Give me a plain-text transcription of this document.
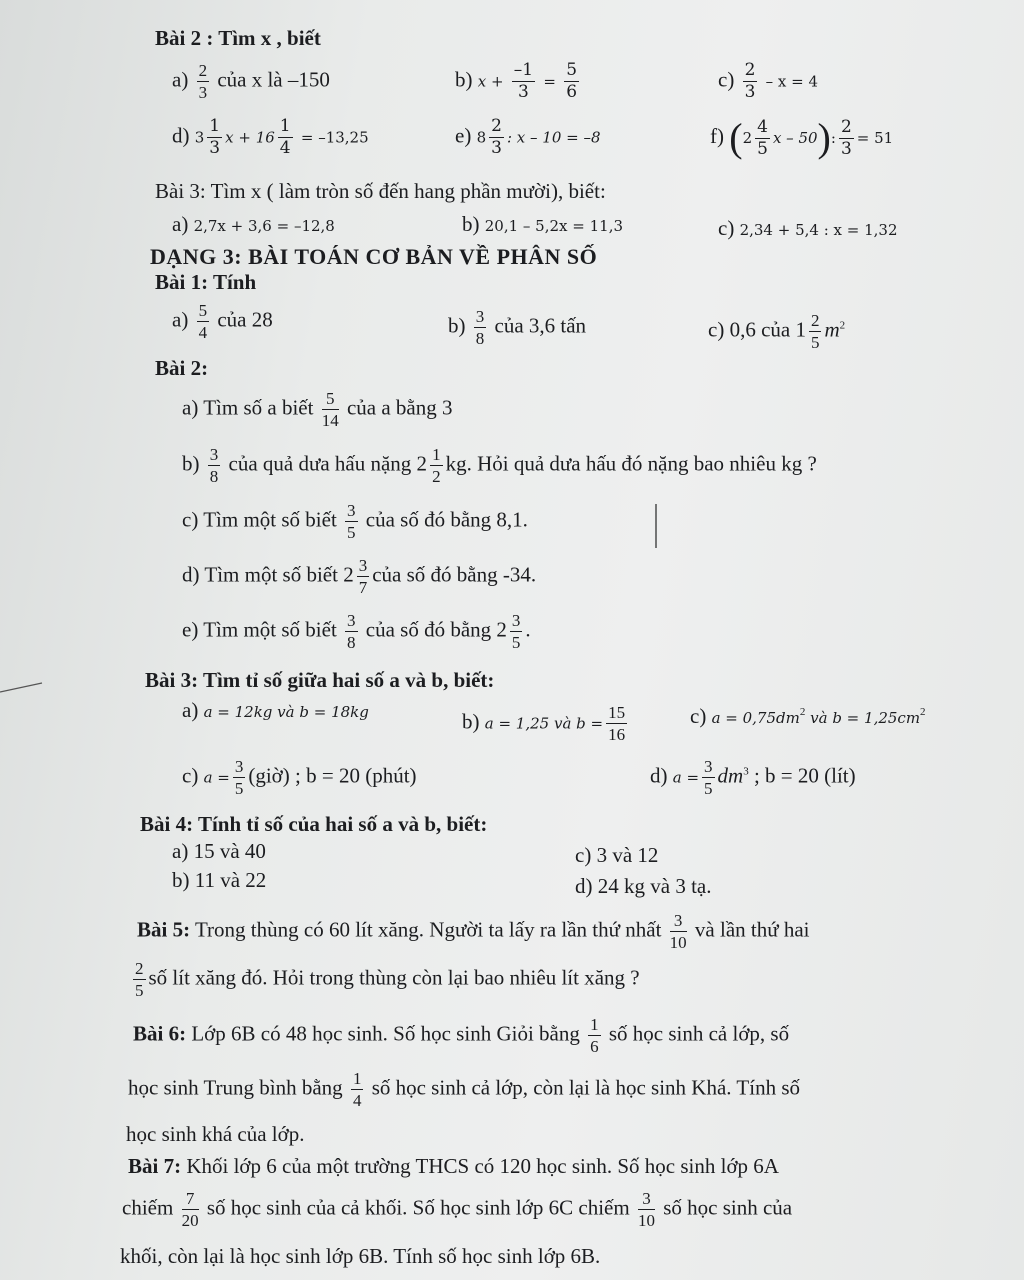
Bài 2 : Tìm x , biết
$a) \frac{2}{3}$ của x là –150	b) $x + \frac{-1}{3} = \frac{5}{6}$	$c) \frac{2}{3} - x = 4$
d) $3 \frac{1}{3}$ $x + 16 \frac{1}{4} = -13,25$	e) $8 \frac{2}{3}$ : x – 10 = –8	f) ($2 \frac{4}{5}$ x – 50): $\frac{2}{3} = 51$
Bài 3: Tìm x ( làm tròn số đến hang phần mười), biết:
a) 2,7x + 3,6 = –12,8	b) 20,1 – 5,2x = 11,3	c) 2,34 + 5,4 : x = 1,32
DẠNG 3: BÀI TOÁN CƠ BẢN VỀ PHÂN SỐ
Bài 1: Tính
$a) \frac{5}{4}$ của 28	$b) \frac{3}{8}$ của 3,6 tấn	c) 0,6 của $1 \frac{2}{5} m^2$
Bài 2:
a) Tìm số a biết $\frac{5}{14}$ của a bằng 3
$b) \frac{3}{8}$ của quả dưa hấu nặng $2 \frac{1}{2}$ kg. Hỏi quả dưa hấu đó nặng bao nhiêu kg ?
c) Tìm một số biết $\frac{3}{5}$ của số đó bằng 8,1.
d) Tìm một số biết $2 \frac{3}{7}$ của số đó bằng -34.
e) Tìm một số biết $\frac{3}{8}$ của số đó bằng $2 \frac{3}{5}$ .
Bài 3: Tìm tỉ số giữa hai số a và b, biết:
a) a = 12kg và b = 18kg	b) a = 1,25 và $b = \frac{15}{16}$	c) $a = 0,75dm^2$ và $b = 1,25cm^2$
c) $a = \frac{3}{5}$ (giờ) ; b = 20 (phút)	d) $a = \frac{3}{5} dm^3$ ; b = 20 (lít)
Bài 4: Tính tỉ số của hai số a và b, biết:
a) 15 và 40
b) 11 và 22
c) 3 và 12
d) 24 kg và 3 tạ.
Bài 5: Trong thùng có 60 lít xăng. Người ta lấy ra lần thứ nhất $\frac{3}{10}$ và lần thứ hai
$\frac{2}{5}$ số lít xăng đó. Hỏi trong thùng còn lại bao nhiêu lít xăng ?
Bài 6: Lớp 6B có 48 học sinh. Số học sinh Giỏi bằng $\frac{1}{6}$ số học sinh cả lớp, số
học sinh Trung bình bằng $\frac{1}{4}$ số học sinh cả lớp, còn lại là học sinh Khá. Tính số
học sinh khá của lớp.
Bài 7: Khối lớp 6 của một trường THCS có 120 học sinh. Số học sinh lớp 6A
chiếm $\frac{7}{20}$ số học sinh của cả khối. Số học sinh lớp 6C chiếm $\frac{3}{10}$ số học sinh của
khối, còn lại là học sinh lớp 6B. Tính số học sinh lớp 6B.
